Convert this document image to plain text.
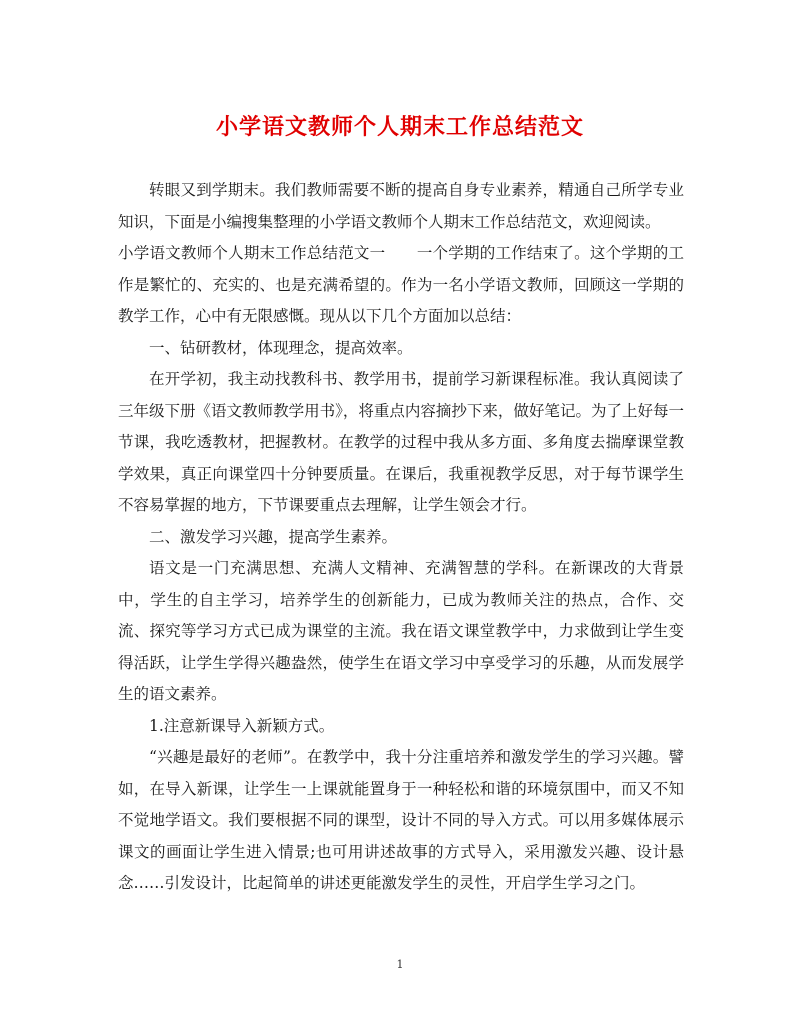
小学语文教师个人期末工作总结范文

转眼又到学期末。我们教师需要不断的提高自身专业素养，精通自己所学专业知识，下面是小编搜集整理的小学语文教师个人期末工作总结范文，欢迎阅读。

小学语文教师个人期末工作总结范文一　　一个学期的工作结束了。这个学期的工作是繁忙的、充实的、也是充满希望的。作为一名小学语文教师，回顾这一学期的教学工作，心中有无限感慨。现从以下几个方面加以总结：

一、钻研教材，体现理念，提高效率。

在开学初，我主动找教科书、教学用书，提前学习新课程标准。我认真阅读了三年级下册《语文教师教学用书》，将重点内容摘抄下来，做好笔记。为了上好每一节课，我吃透教材，把握教材。在教学的过程中我从多方面、多角度去揣摩课堂教学效果，真正向课堂四十分钟要质量。在课后，我重视教学反思，对于每节课学生不容易掌握的地方，下节课要重点去理解，让学生领会才行。

二、激发学习兴趣，提高学生素养。

语文是一门充满思想、充满人文精神、充满智慧的学科。在新课改的大背景中，学生的自主学习，培养学生的创新能力，已成为教师关注的热点，合作、交流、探究等学习方式已成为课堂的主流。我在语文课堂教学中，力求做到让学生变得活跃，让学生学得兴趣盎然，使学生在语文学习中享受学习的乐趣，从而发展学生的语文素养。

1.注意新课导入新颖方式。

“兴趣是最好的老师”。在教学中，我十分注重培养和激发学生的学习兴趣。譬如，在导入新课，让学生一上课就能置身于一种轻松和谐的环境氛围中，而又不知不觉地学语文。我们要根据不同的课型，设计不同的导入方式。可以用多媒体展示课文的画面让学生进入情景;也可用讲述故事的方式导入，采用激发兴趣、设计悬念……引发设计，比起简单的讲述更能激发学生的灵性，开启学生学习之门。

1
